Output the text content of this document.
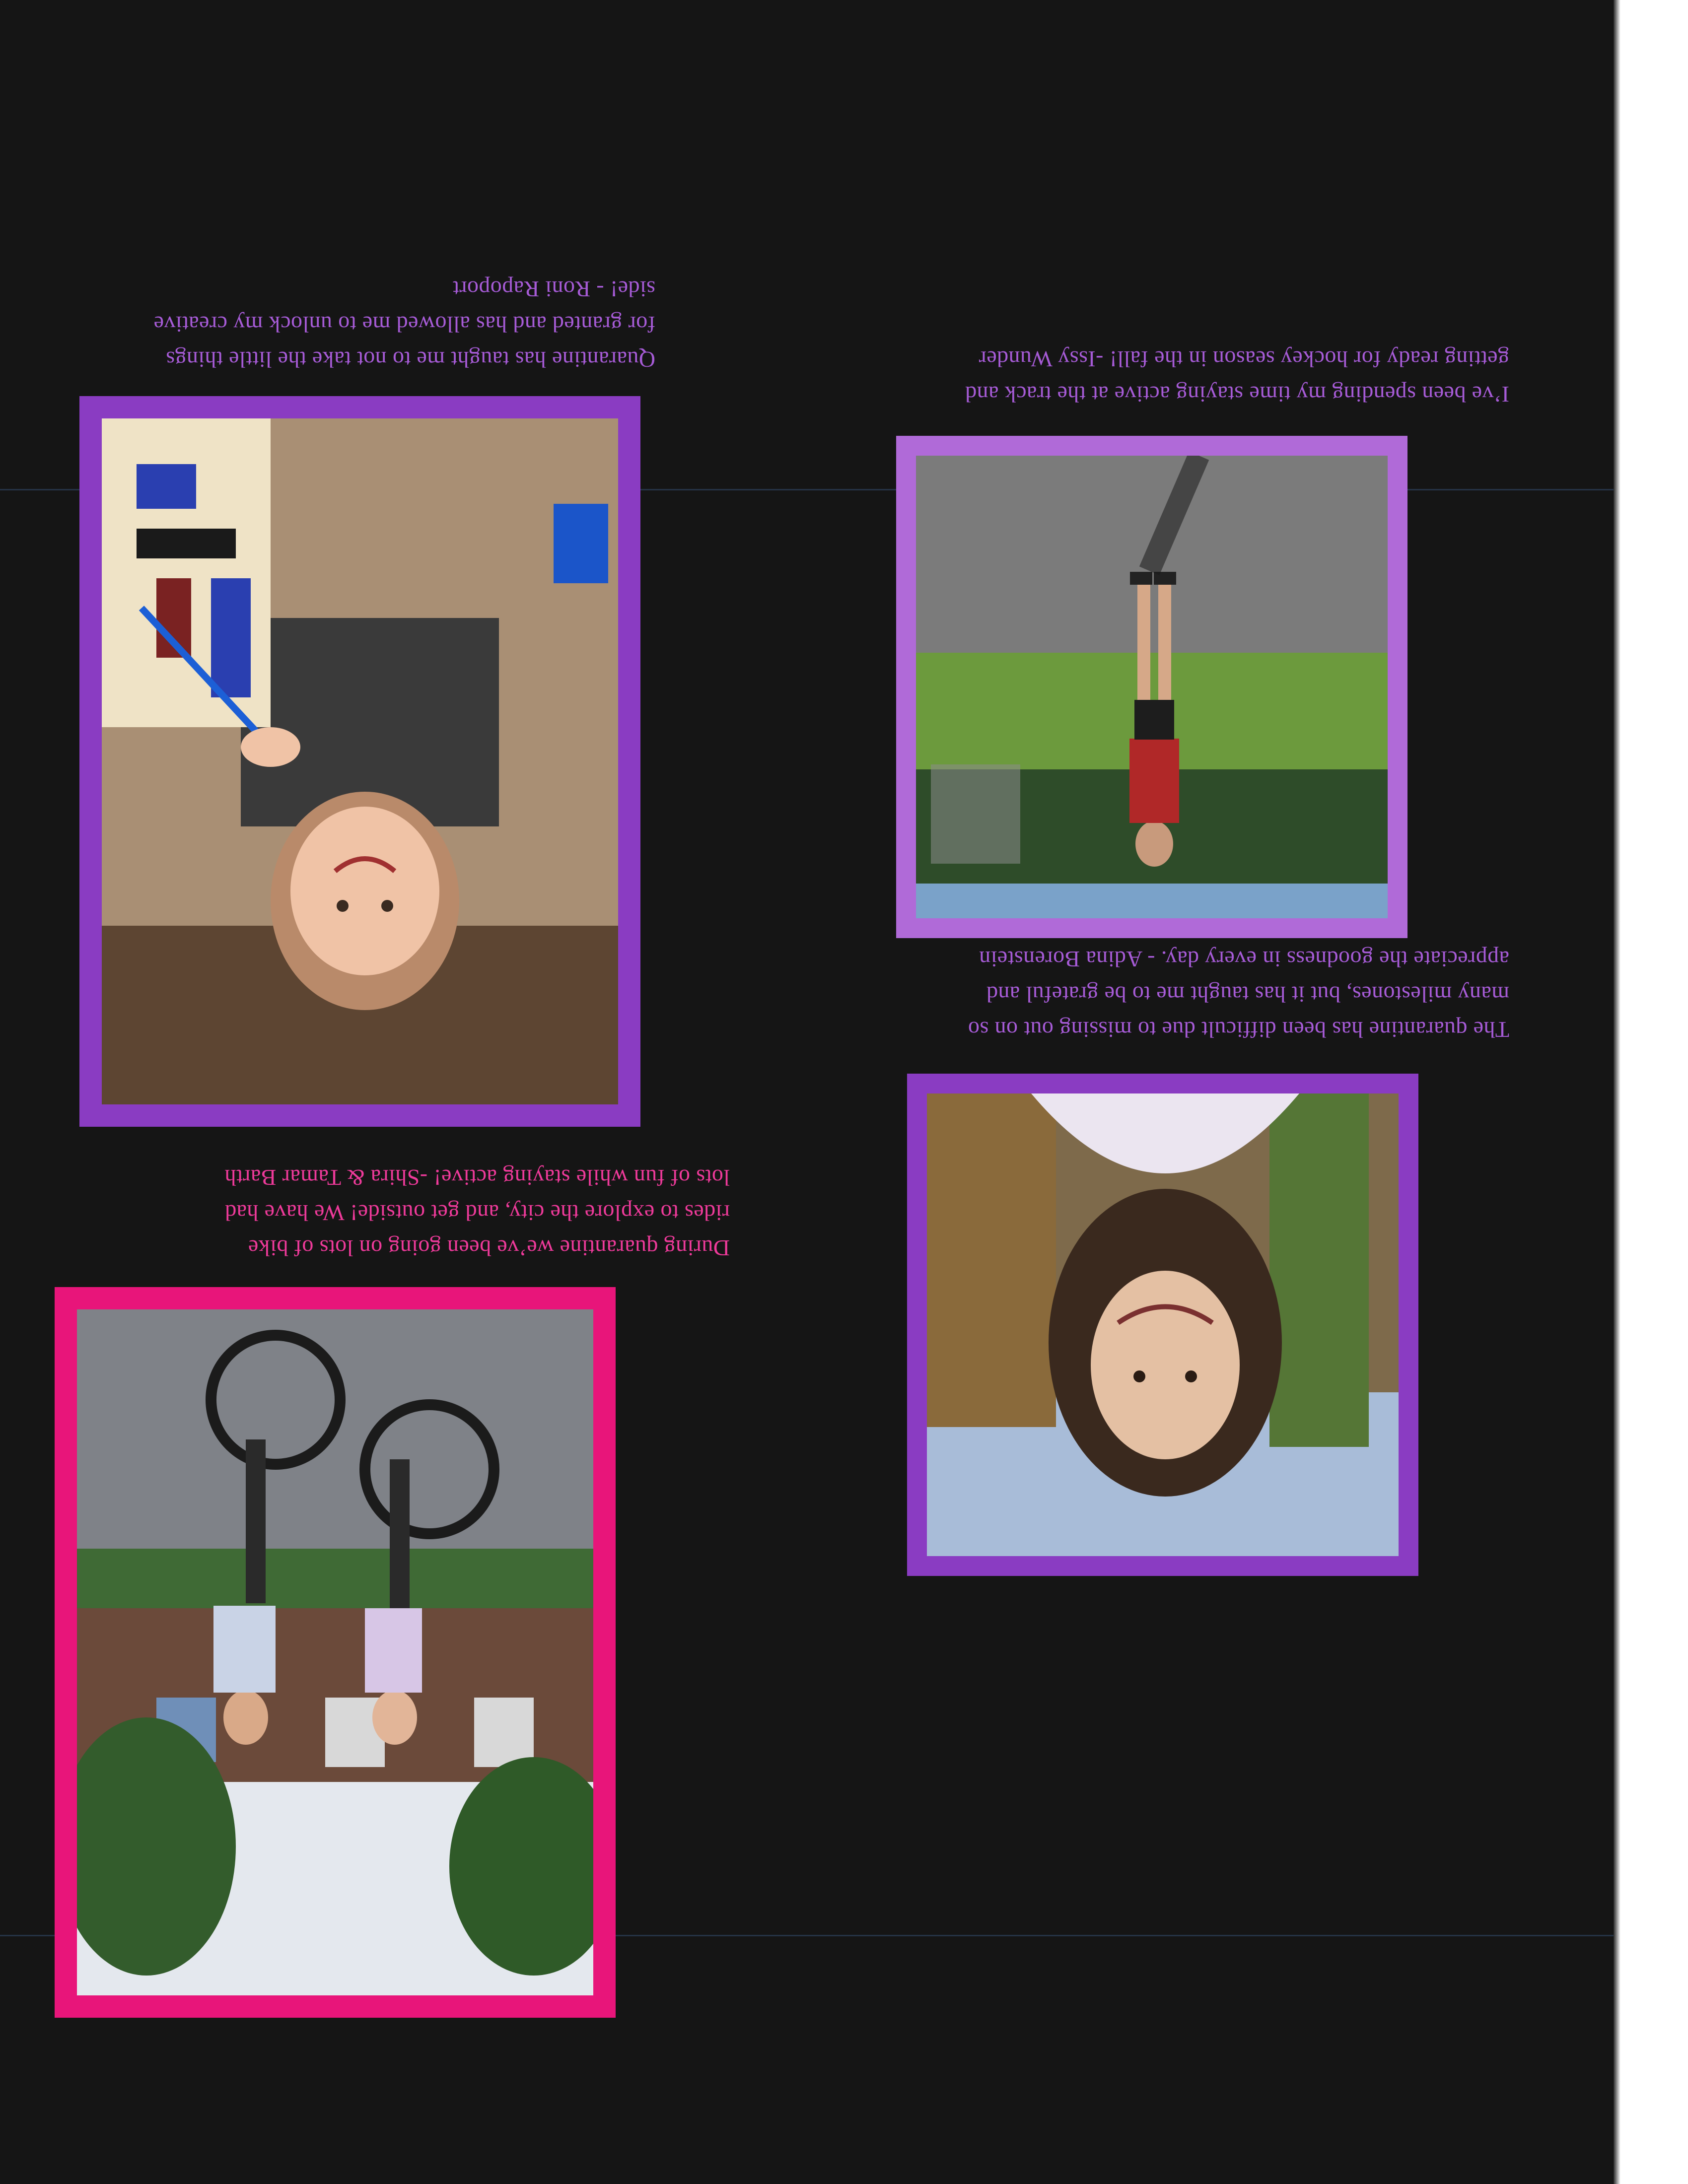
The quarantine has been difficult due to missing out on so
many milestones, but it has taught me to be grateful and
appreciate the goodness in every day. - Adina Borenstein
I’ve been spending my time staying active at the track and
getting ready for hockey season in the fall! -Issy Wunder
During quarantine we’ve been going on lots of bike
rides to explore the city, and get outside! We have had
lots of fun while staying active! -Shira & Tamar Barth
Quarantine has taught me to not take the little things
for granted and has allowed me to unlock my creative
side! - Roni Rapoport
